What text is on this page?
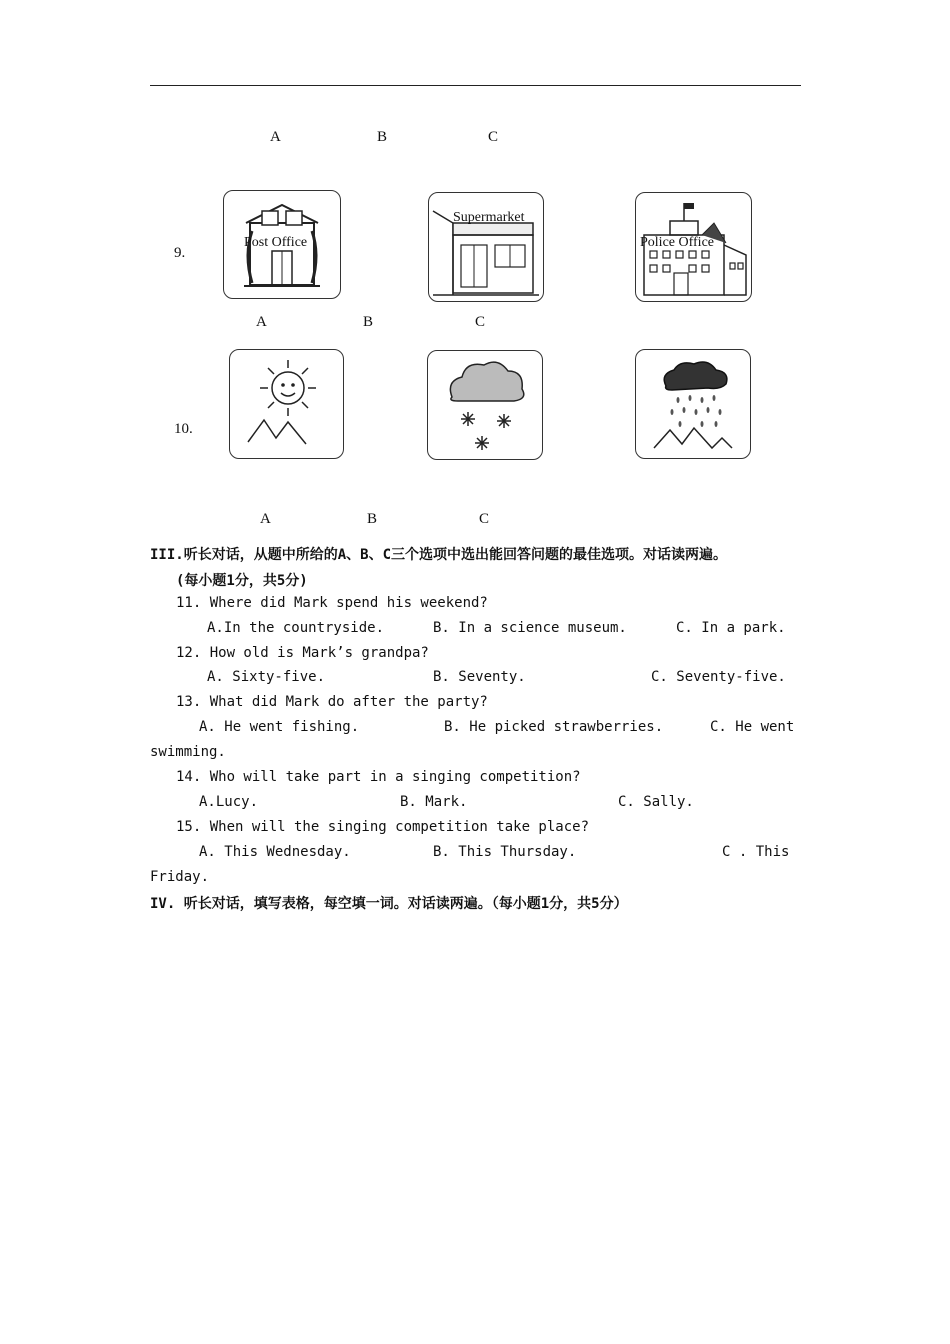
A	B	C
9.
Post Office
Supermarket
Police Office
A	B	C
10.
A	B	C
III.听长对话，从题中所给的A、B、C三个选项中选出能回答问题的最佳选项。对话读两遍。
(每小题1分，共5分)
11. Where did Mark spend his weekend?
A.In the countryside.	B. In a science museum.	C. In a park.
12. How old is Mark’s grandpa?
A. Sixty-five.	B. Seventy.	C. Seventy-five.
13. What did Mark do after the party?
A. He went fishing.	B. He picked strawberries.	C. He went
swimming.
14. Who will take part in a singing competition?
A.Lucy.	B. Mark.	C. Sally.
15. When will the singing competition take place?
A. This Wednesday.	B. This Thursday.	C . This
Friday.
IV. 听长对话，填写表格，每空填一词。对话读两遍。（每小题1分，共5分）
